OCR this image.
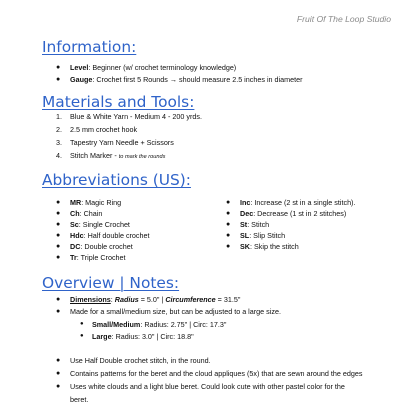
Fruit Of The Loop Studio
Information:
● Level: Beginner (w/ crochet terminology knowledge)
● Gauge: Crochet first 5 Rounds → should measure 2.5 inches in diameter
Materials and Tools:
1. Blue & White Yarn - Medium 4 - 200 yrds.
2. 2.5 mm crochet hook
3. Tapestry Yarn Needle + Scissors
4. Stitch Marker - to mark the rounds
Abbreviations (US):
● MR: Magic Ring
● Ch: Chain
● Sc: Single Crochet
● Hdc: Half double crochet
● DC: Double crochet
● Tr: Triple Crochet
● Inc: Increase (2 st in a single stitch).
● Dec: Decrease (1 st in 2 stitches)
● St: Stitch
● SL: Slip Stitch
● SK: Skip the stitch
Overview | Notes:
● Dimensions: Radius = 5.0" | Circumference = 31.5"
● Made for a small/medium size, but can be adjusted to a large size.
● Small/Medium: Radius: 2.75" | Circ: 17.3"
● Large: Radius: 3.0" | Circ: 18.8"
● Use Half Double crochet stitch, in the round.
● Contains patterns for the beret and the cloud appliques (5x) that are sewn around the edges
● Uses white clouds and a light blue beret. Could look cute with other pastel color for the
beret.
